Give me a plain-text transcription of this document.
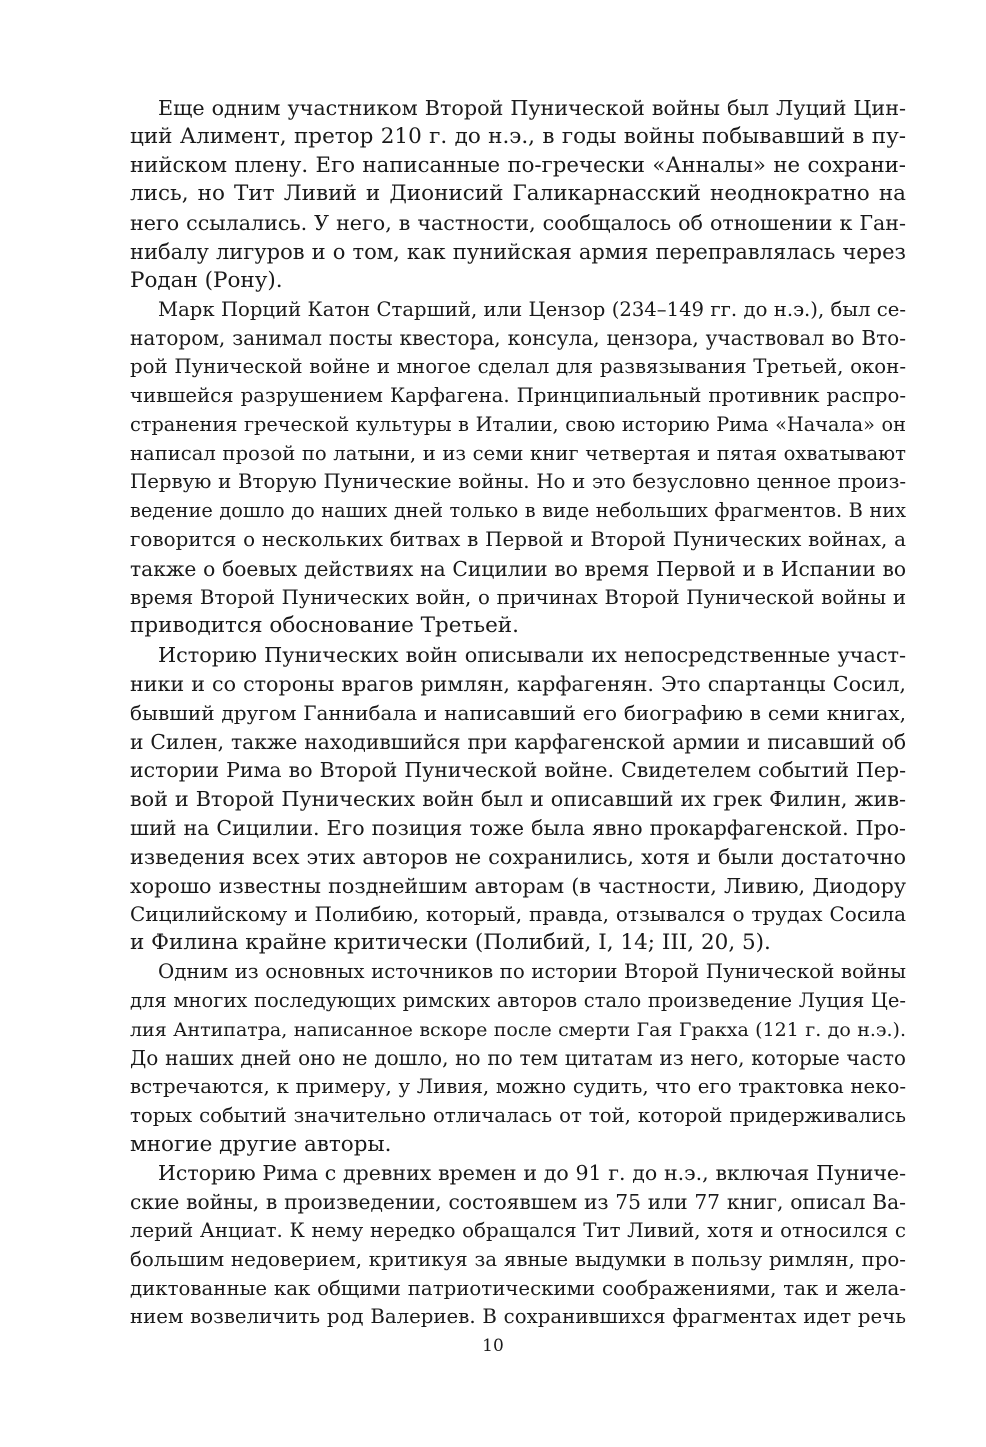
Еще одним участником Второй Пунической войны был Луций Цин-
ций Алимент, претор 210 г. до н.э., в годы войны побывавший в пу-
нийском плену. Его написанные по-гречески «Анналы» не сохрани-
лись, но Тит Ливий и Дионисий Галикарнасский неоднократно на
него ссылались. У него, в частности, сообщалось об отношении к Ган-
нибалу лигуров и о том, как пунийская армия переправлялась через
Родан (Рону).
Марк Порций Катон Старший, или Цензор (234–149 гг. до н.э.), был се-
натором, занимал посты квестора, консула, цензора, участвовал во Вто-
рой Пунической войне и многое сделал для развязывания Третьей, окон-
чившейся разрушением Карфагена. Принципиальный противник распро-
странения греческой культуры в Италии, свою историю Рима «Начала» он
написал прозой по латыни, и из семи книг четвертая и пятая охватывают
Первую и Вторую Пунические войны. Но и это безусловно ценное произ-
ведение дошло до наших дней только в виде небольших фрагментов. В них
говорится о нескольких битвах в Первой и Второй Пунических войнах, а
также о боевых действиях на Сицилии во время Первой и в Испании во
время Второй Пунических войн, о причинах Второй Пунической войны и
приводится обоснование Третьей.
Историю Пунических войн описывали их непосредственные участ-
ники и со стороны врагов римлян, карфагенян. Это спартанцы Сосил,
бывший другом Ганнибала и написавший его биографию в семи книгах,
и Силен, также находившийся при карфагенской армии и писавший об
истории Рима во Второй Пунической войне. Свидетелем событий Пер-
вой и Второй Пунических войн был и описавший их грек Филин, жив-
ший на Сицилии. Его позиция тоже была явно прокарфагенской. Про-
изведения всех этих авторов не сохранились, хотя и были достаточно
хорошо известны позднейшим авторам (в частности, Ливию, Диодору
Сицилийскому и Полибию, который, правда, отзывался о трудах Сосила
и Филина крайне критически (Полибий, I, 14; III, 20, 5).
Одним из основных источников по истории Второй Пунической войны
для многих последующих римских авторов стало произведение Луция Це-
лия Антипатра, написанное вскоре после смерти Гая Гракха (121 г. до н.э.).
До наших дней оно не дошло, но по тем цитатам из него, которые часто
встречаются, к примеру, у Ливия, можно судить, что его трактовка неко-
торых событий значительно отличалась от той, которой придерживались
многие другие авторы.
Историю Рима с древних времен и до 91 г. до н.э., включая Пуниче-
ские войны, в произведении, состоявшем из 75 или 77 книг, описал Ва-
лерий Анциат. К нему нередко обращался Тит Ливий, хотя и относился с
большим недоверием, критикуя за явные выдумки в пользу римлян, про-
диктованные как общими патриотическими соображениями, так и жела-
нием возвеличить род Валериев. В сохранившихся фрагментах идет речь
10
